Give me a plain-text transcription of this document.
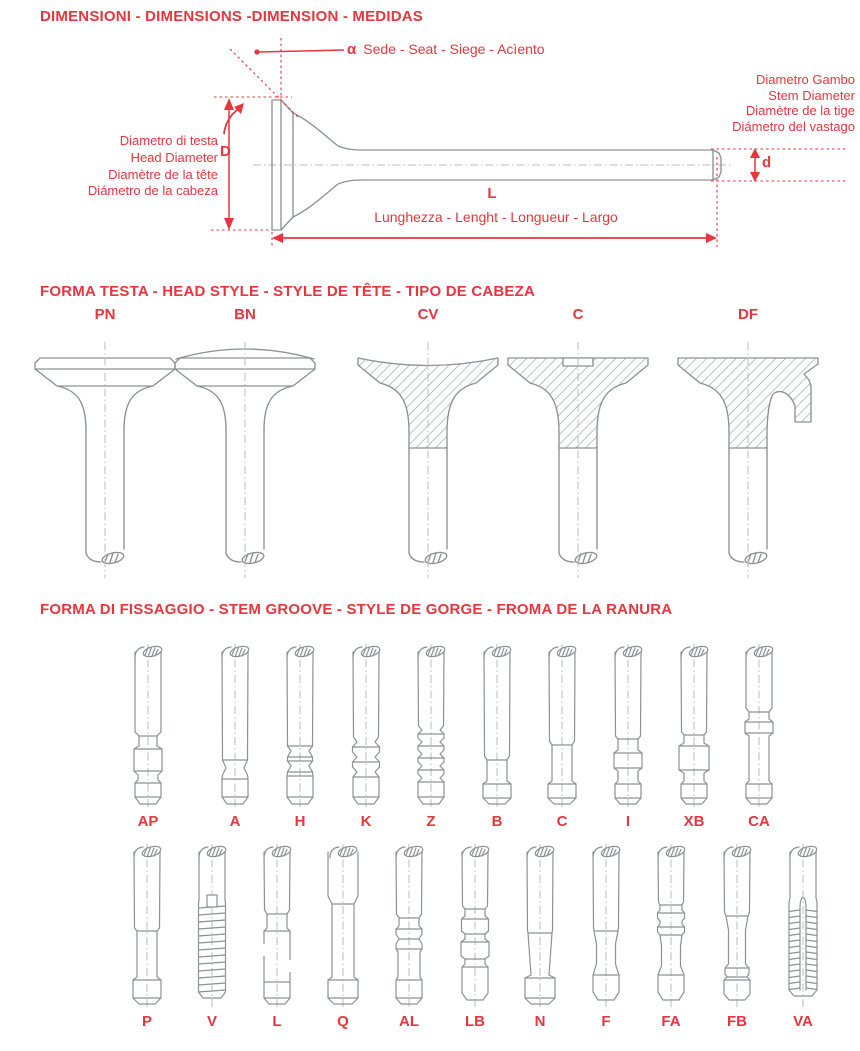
DIMENSIONI - DIMENSIONS -DIMENSION - MEDIDAS
α Sede - Seat - Siege - Acìento
Diametro Gambo
Stem Diameter
Diamètre de la tige
Diámetro del vastago
Diametro di testa
Head Diameter
Diamètre de la tête
Diámetro de la cabeza
D
L
Lunghezza - Lenght - Longueur - Largo
d
FORMA TESTA - HEAD STYLE - STYLE DE TÊTE - TIPO DE CABEZA
PN	BN	CV	C	DF
FORMA DI FISSAGGIO - STEM GROOVE - STYLE DE GORGE - FROMA DE LA RANURA
AP	A	H	K	Z	B	C	I	XB	CA
P	V	L	Q	AL	LB	N	F	FA	FB	VA
